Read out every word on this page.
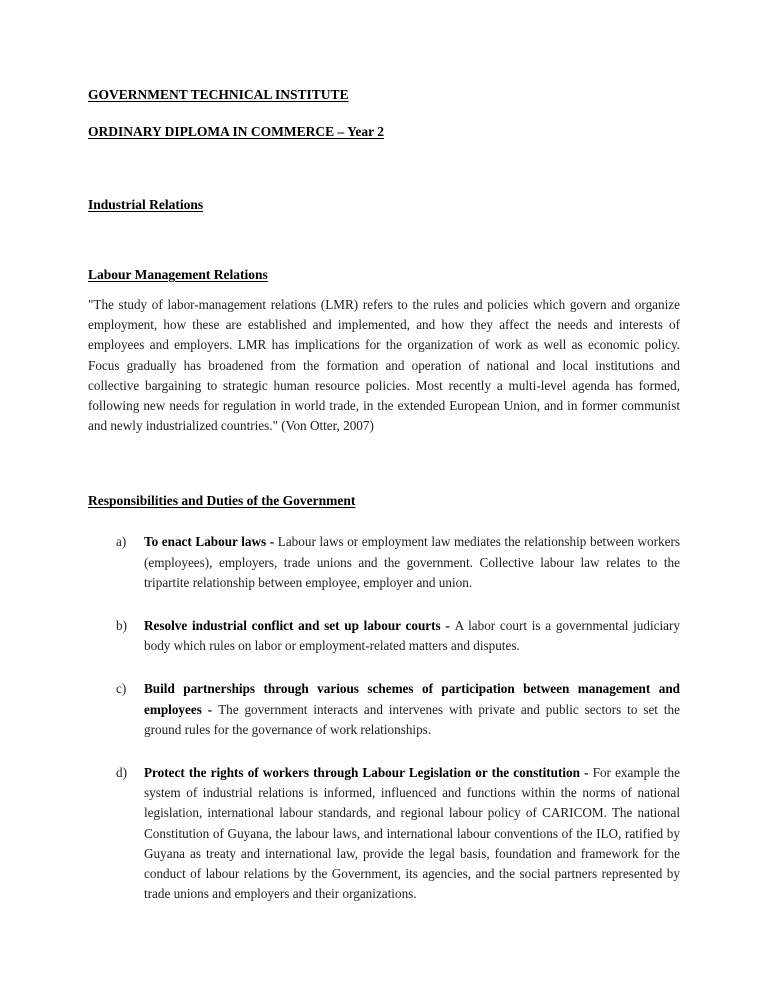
GOVERNMENT TECHNICAL INSTITUTE
ORDINARY DIPLOMA IN COMMERCE – Year 2
Industrial Relations
Labour Management Relations

"The study of labor-management relations (LMR) refers to the rules and policies which govern and organize employment, how these are established and implemented, and how they affect the needs and interests of employees and employers. LMR has implications for the organization of work as well as economic policy. Focus gradually has broadened from the formation and operation of national and local institutions and collective bargaining to strategic human resource policies. Most recently a multi-level agenda has formed, following new needs for regulation in world trade, in the extended European Union, and in former communist and newly industrialized countries." (Von Otter, 2007)

Responsibilities and Duties of the Government
a)	To enact Labour laws - Labour laws or employment law mediates the relationship between workers (employees), employers, trade unions and the government. Collective labour law relates to the tripartite relationship between employee, employer and union.
b)	Resolve industrial conflict and set up labour courts - A labor court is a governmental judiciary body which rules on labor or employment-related matters and disputes.
c)	Build partnerships through various schemes of participation between management and employees - The government interacts and intervenes with private and public sectors to set the ground rules for the governance of work relationships.
d)	Protect the rights of workers through Labour Legislation or the constitution - For example the system of industrial relations is informed, influenced and functions within the norms of national legislation, international labour standards, and regional labour policy of CARICOM. The national Constitution of Guyana, the labour laws, and international labour conventions of the ILO, ratified by Guyana as treaty and international law, provide the legal basis, foundation and framework for the conduct of labour relations by the Government, its agencies, and the social partners represented by trade unions and employers and their organizations.
